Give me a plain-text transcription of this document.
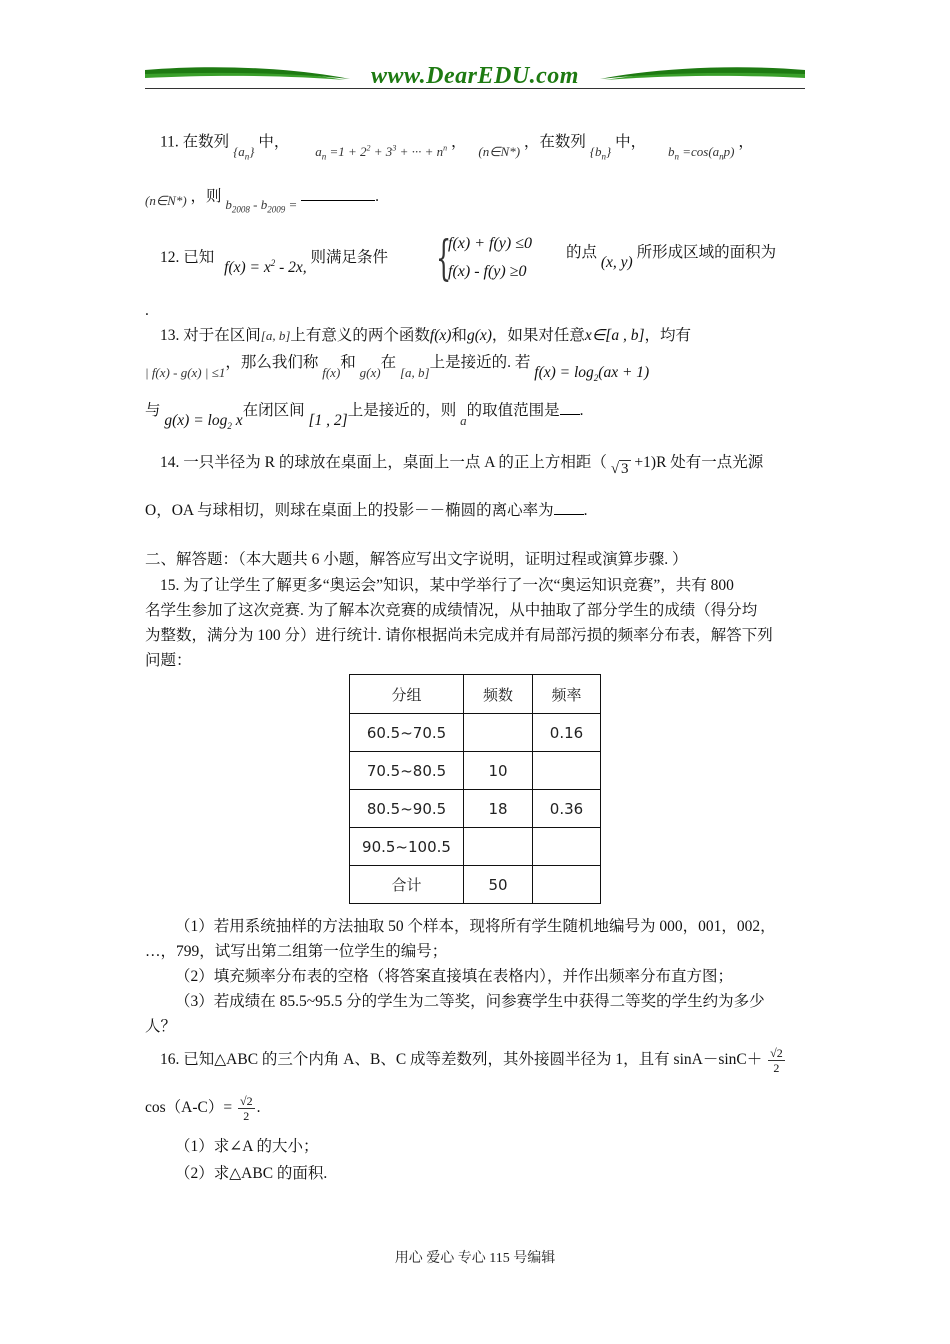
www.DearEDU.com
11. 在数列 $_{\{a_n\}}$ 中， $_{a_n =1 + 2^2 + 3^3 + \cdot\cdot\cdot + n^n}$ ， $_{(n\in N*)}$ ，在数列 $_{\{b_n\}}$ 中， $_{b_n =cos(a_np)}$ ，
$_{(n\in N*)}$ ，则 $_{b_{2008} - b_{2009} =}$	.
12. 已知 $f(x) = x^2 - 2x$, 则满足条件 {
f(x) + f(y) ≤0
f(x) - f(y) ≥0
的点 (x, y) 所形成区域的面积为
.
13. 对于在区间[a, b]上有意义的两个函数f(x)和g(x)，如果对任意x∈[a , b]，均有
$_{| f(x) - g(x) | \le 1}$，那么我们称 $_{f(x)}$和 $_{g(x)}$在 $_{[a, b]}$上是接近的. 若 $f(x) = \log_2(ax + 1)$
与 $g(x) = \log_2 x$在闭区间 [1 , 2]上是接近的，则 $_a$的取值范围是 .
14. 一只半径为 R 的球放在桌面上，桌面上一点 A 的正上方相距（ √ 3 +1)R 处有一点光源
O，OA 与球相切，则球在桌面上的投影－－椭圆的离心率为 .
二、解答题：（本大题共 6 小题，解答应写出文字说明，证明过程或演算步骤. ）
15. 为了让学生了解更多“奥运会”知识，某中学举行了一次“奥运知识竞赛”，共有 800
名学生参加了这次竞赛. 为了解本次竞赛的成绩情况，从中抽取了部分学生的成绩（得分均
为整数，满分为 100 分）进行统计. 请你根据尚未完成并有局部污损的频率分布表，解答下列
问题：
分组	频数	频率
60.5~70.5		0.16
70.5~80.5	10	
80.5~90.5	18	0.36
90.5~100.5		
合计	50	
（1）若用系统抽样的方法抽取 50 个样本，现将所有学生随机地编号为 000，001，002，
…，799，试写出第二组第一位学生的编号；
（2）填充频率分布表的空格（将答案直接填在表格内），并作出频率分布直方图；
（3）若成绩在 85.5~95.5 分的学生为二等奖，问参赛学生中获得二等奖的学生约为多少
人？
16. 已知△ABC 的三个内角 A、B、C 成等差数列，其外接圆半径为 1，且有 $\sin A-\sin C+ \frac{√2}{2}$
$\cos(A-C)= \frac{√2}{2}$ .
（1）求∠A 的大小；
（2）求△ABC 的面积.
用心 爱心 专心 115 号编辑
